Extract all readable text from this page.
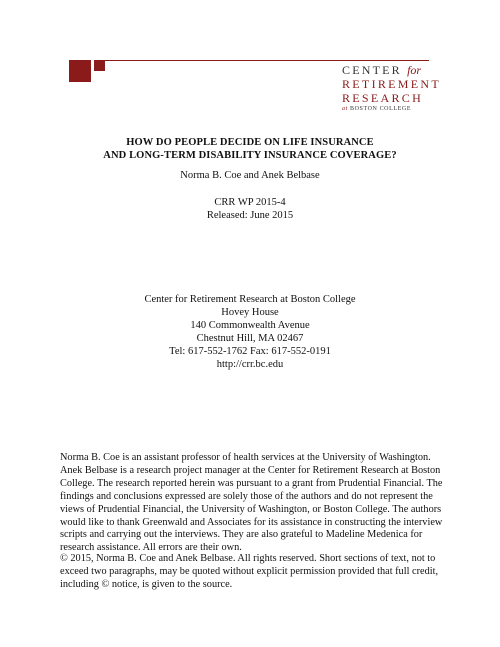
CENTER for
RETIREMENT
RESEARCH
at BOSTON COLLEGE
HOW DO PEOPLE DECIDE ON LIFE INSURANCE
AND LONG-TERM DISABILITY INSURANCE COVERAGE?
Norma B. Coe and Anek Belbase
CRR WP 2015-4
Released: June 2015
Center for Retirement Research at Boston College
Hovey House
140 Commonwealth Avenue
Chestnut Hill, MA 02467
Tel: 617-552-1762 Fax: 617-552-0191
http://crr.bc.edu
Norma B. Coe is an assistant professor of health services at the University of Washington. Anek Belbase is a research project manager at the Center for Retirement Research at Boston College. The research reported herein was pursuant to a grant from Prudential Financial. The findings and conclusions expressed are solely those of the authors and do not represent the views of Prudential Financial, the University of Washington, or Boston College. The authors would like to thank Greenwald and Associates for its assistance in constructing the interview scripts and carrying out the interviews. They are also grateful to Madeline Medenica for research assistance. All errors are their own.
© 2015, Norma B. Coe and Anek Belbase. All rights reserved. Short sections of text, not to exceed two paragraphs, may be quoted without explicit permission provided that full credit, including © notice, is given to the source.
